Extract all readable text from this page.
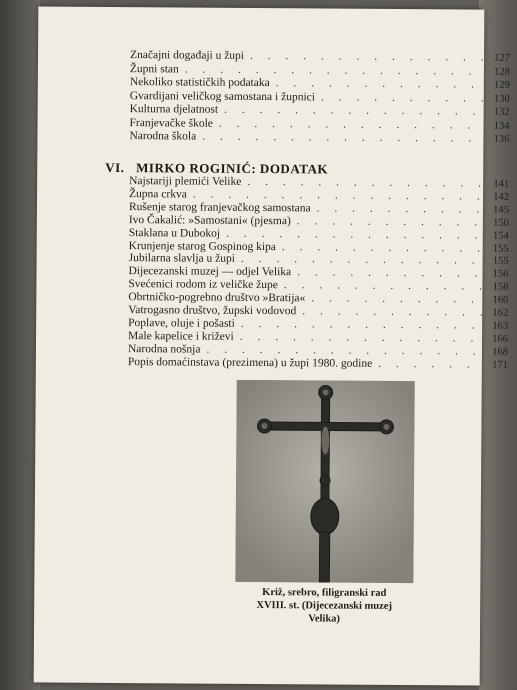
Značajni događaji u župi . . .	127
Župni stan . . .	128
Nekoliko statističkih podataka . . .	129
Gvardijani veličkog samostana i župnici . . .	130
Kulturna djelatnost . . .	132
Franjevačke škole . . .	134
Narodna škola . . .	136
VI. MIRKO ROGINIĆ: DODATAK
Najstariji plemići Velike . . .	141
Župna crkva . . .	142
Rušenje starog franjevačkog samostana . . .	145
Ivo Čakalić: »Samostani« (pjesma) . . .	150
Staklana u Dubokoj . . .	154
Krunjenje starog Gospinog kipa . . .	155
Jubilarna slavlja u župi . . .	155
Dijecezanski muzej — odjel Velika . . .	156
Svećenici rodom iz veličke župe . . .	158
Obrtničko-pogrebno društvo »Bratija« . . .	160
Vatrogasno društvo, župski vodovod . . .	162
Poplave, oluje i pošasti . . .	163
Male kapelice i križevi . . .	166
Narodna nošnja . . .	168
Popis domaćinstava (prezimena) u župi 1980. godine . . .	171
Križ, srebro, filigranski rad
XVIII. st. (Dijecezanski muzej
Velika)
